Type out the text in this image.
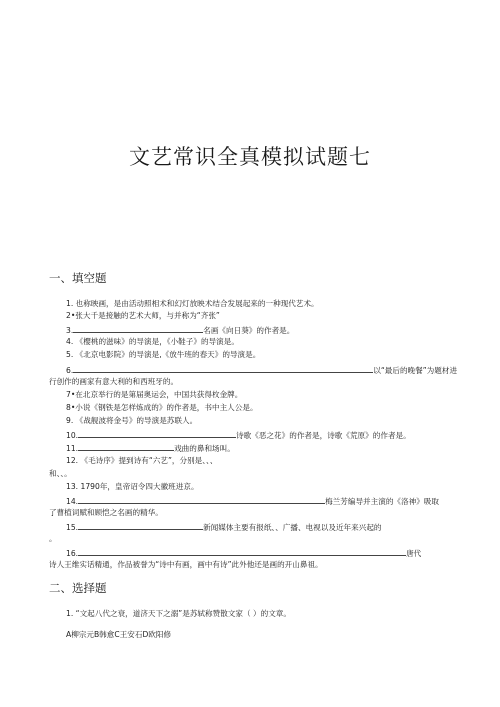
文艺常识全真模拟试题七
一、填空题
1. 也称映画，是由活动照相术和幻灯放映术结合发展起来的一种现代艺术。
2•张大千是接触的艺术大师，与并称为“齐张”
3.	名画《向日葵》的作者是。
4. 《樱桃的滋味》的导演是，《小鞋子》的导演是。
5. 《北京电影院》的导演是,《放牛班的春天》的导演是。
6.	以“最后的晚餐”为题材进
行创作的画家有意大利的和西班牙的。
7•在北京举行的是第届奥运会，中国共获得枚金牌。
8•小说《钢铁是怎样炼成的》的作者是，书中主人公是。
9. 《战舰波将金号》的导演是苏联人。
10.	诗歌《恶之花》的作者是，诗歌《荒原》的作者是。
11.	戏曲的鼻和场叫。
12. 《毛诗序》提到诗有“六艺”，分别是、、、
和、、。
13. 1790年，皇帝诏令四大徽班进京。
14.	梅兰芳编导并主演的《洛神》吸取
了曹植词赋和顾恺之名画的精华。
15.	新闻媒体主要有报纸、、广播、电视以及近年来兴起的
。
16.	唐代
诗人王维实话精通，作品被誉为“诗中有画，画中有诗”此外他还是画的开山鼻祖。
二、选择题
1. “文起八代之衰，道济天下之溺”是苏轼称赞散文家（ ）的文章。
A柳宗元B韩愈C王安石D欧阳修
